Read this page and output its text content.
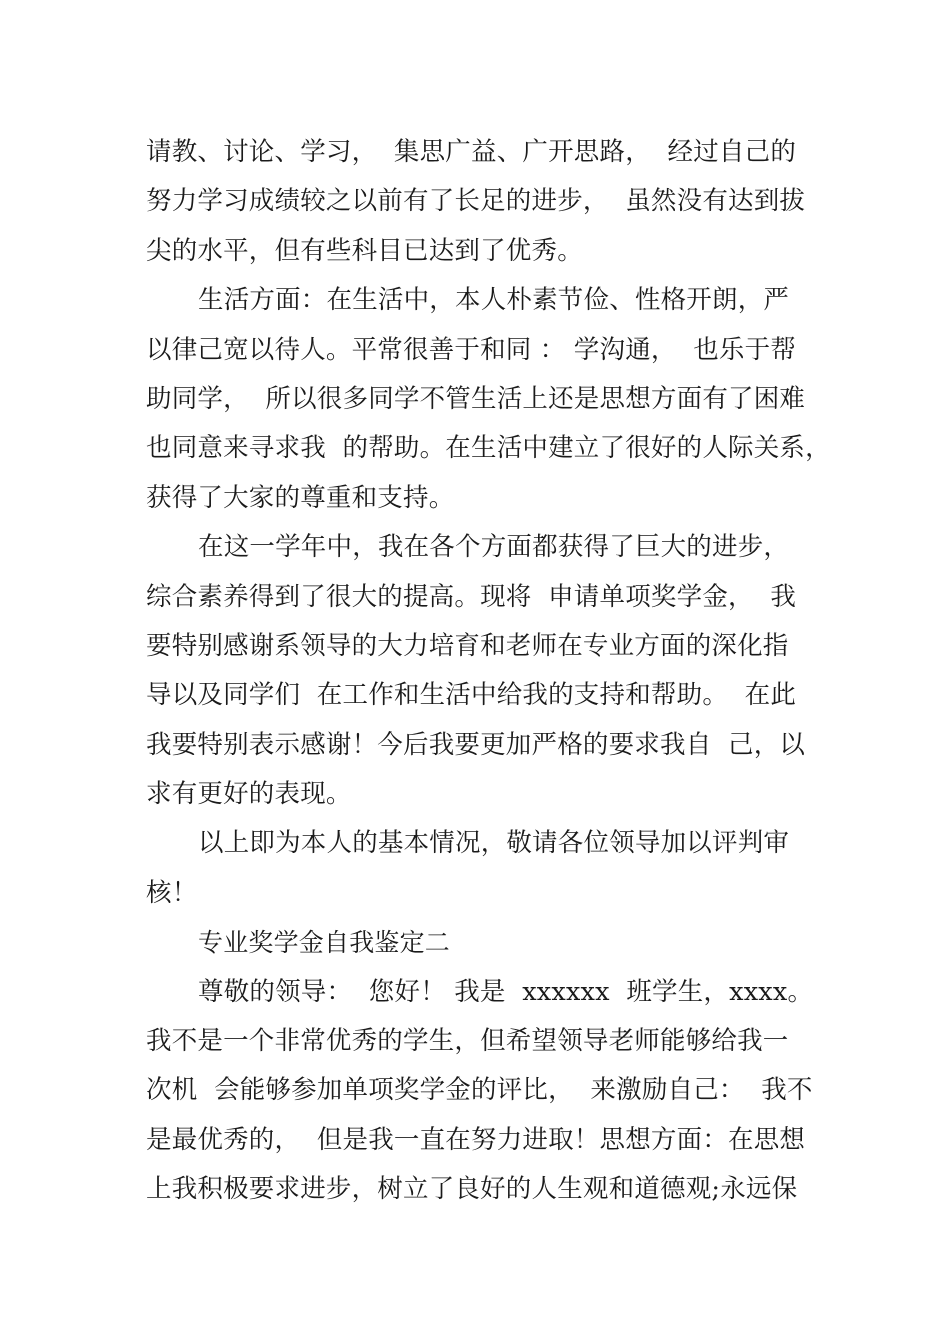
请教、讨论、学习，  集思广益、广开思路，  经过自己的
努力学习成绩较之以前有了长足的进步，  虽然没有达到拔
尖的水平，但有些科目已达到了优秀。
生活方面：在生活中，本人朴素节俭、性格开朗，严
以律己宽以待人。平常很善于和同 ： 学沟通，  也乐于帮
助同学，  所以很多同学不管生活上还是思想方面有了困难
也同意来寻求我  的帮助。在生活中建立了很好的人际关系，
获得了大家的尊重和支持。
在这一学年中，我在各个方面都获得了巨大的进步，
综合素养得到了很大的提高。现将  申请单项奖学金，  我
要特别感谢系领导的大力培育和老师在专业方面的深化指
导以及同学们  在工作和生活中给我的支持和帮助。  在此
我要特别表示感谢！今后我要更加严格的要求我自  己，以
求有更好的表现。
以上即为本人的基本情况，敬请各位领导加以评判审
核！
专业奖学金自我鉴定二
尊敬的领导：  您好！ 我是  xxxxxx  班学生，xxxx。
我不是一个非常优秀的学生，但希望领导老师能够给我一
次机  会能够参加单项奖学金的评比，  来激励自己：  我不
是最优秀的，  但是我一直在努力进取！思想方面：在思想
上我积极要求进步，树立了良好的人生观和道德观;永远保
